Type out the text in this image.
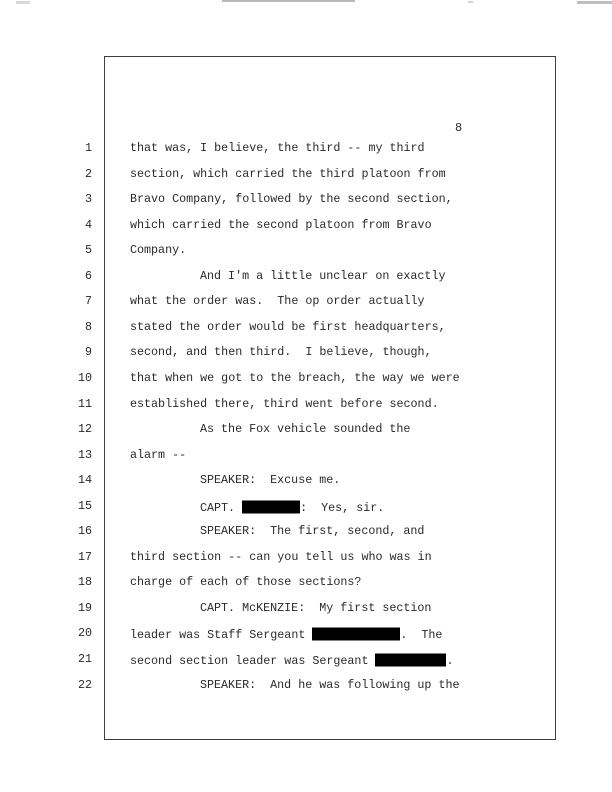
8
1	that was, I believe, the third -- my third
2	section, which carried the third platoon from
3	Bravo Company, followed by the second section,
4	which carried the second platoon from Bravo
5	Company.
6	And I'm a little unclear on exactly
7	what the order was.  The op order actually
8	stated the order would be first headquarters,
9	second, and then third.  I believe, though,
10	that when we got to the breach, the way we were
11	established there, third went before second.
12	As the Fox vehicle sounded the
13	alarm --
14	SPEAKER:  Excuse me.
15	CAPT.	:  Yes, sir.
16	SPEAKER:  The first, second, and
17	third section -- can you tell us who was in
18	charge of each of those sections?
19	CAPT. McKENZIE:  My first section
20	leader was Staff Sergeant	.  The
21	second section leader was Sergeant	.
22	SPEAKER:  And he was following up the
